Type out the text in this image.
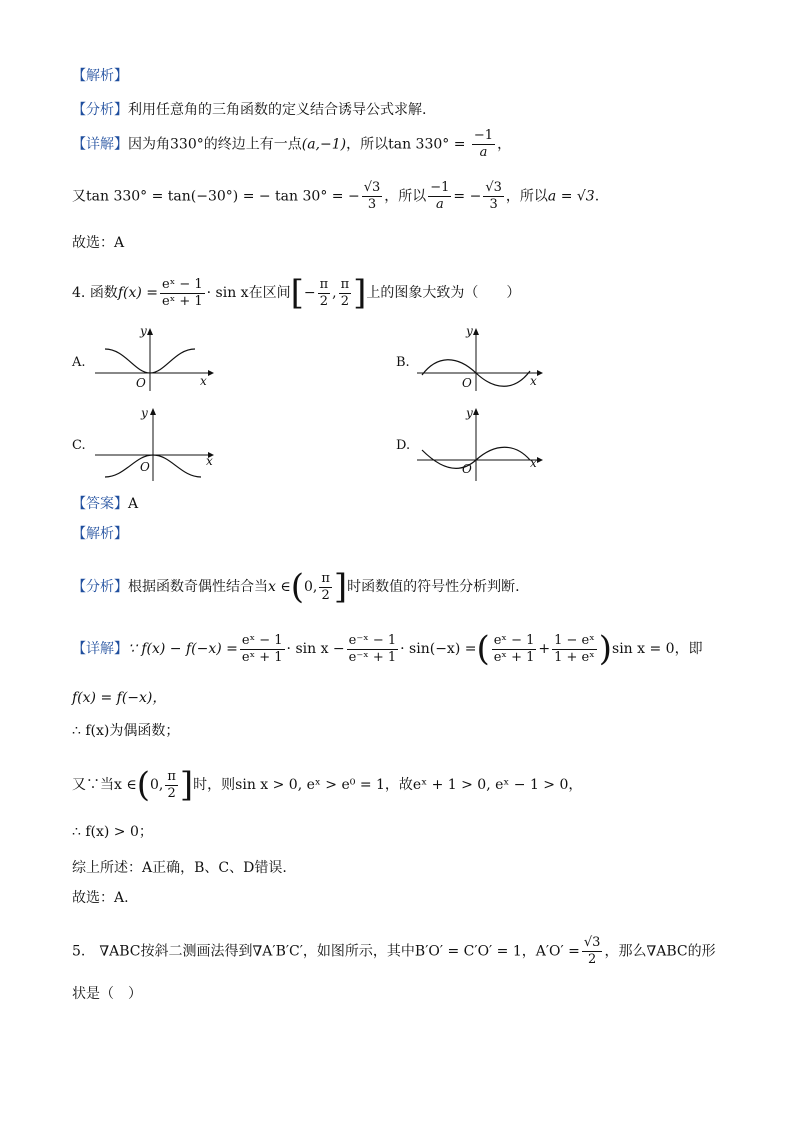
【解析】
【分析】利用任意角的三角函数的定义结合诱导公式求解.
【详解】因为角330°的终边上有一点(a,−1)，所以$\tan 330^\circ = \frac{-1}{a}$ ，
又tan 330° = tan(−30°) = − tan 30° = − $\frac{√3}{3}$ ，所以 $\frac{-1}{a}$ = − $\frac{√3}{3}$ ，所以a = √3.
故选：A
4. 函数$f(x) = \frac{\text{eˣ − 1}}{\text{eˣ + 1}} \cdot \sin x$在区间[− $\frac{\pi}{2}$ , $\frac{\pi}{2}$ ]上的图象大致为（　　）
A.
x
y
O
B.
x
y
O
C.
x
y
O
D.
x
y
O
【答案】A
【解析】
【分析】根据函数奇偶性结合当x ∈(0, $\frac{\pi}{2}$ ]时函数值的符号性分析判断.
【详解】∵ $f(x) - f(-x) = \frac{\text{eˣ − 1}}{\text{eˣ + 1}} \cdot \sin x - \frac{\text{e⁻ˣ − 1}}{\text{e⁻ˣ + 1}} \cdot \sin(-x)$ =( $\frac{\text{eˣ − 1}}{\text{eˣ + 1}} + \frac{\text{1 − eˣ}}{\text{1 + eˣ}} )\sin$ x = 0，即
f(x) = f(−x)，
∴ f(x)为偶函数；
又∵当x ∈(0, $\frac{\pi}{2}$ ]时，则sin x > 0, eˣ > e⁰ = 1，故eˣ + 1 > 0, eˣ − 1 > 0，
∴ f(x) > 0；
综上所述：A正确，B、C、D错误.
故选：A.
5.　∇ABC按斜二测画法得到∇A′B′C′，如图所示，其中B′O′ = C′O′ = 1，$A'O' = \frac{√3}{2}$ ，那么∇ABC的形
状是（　）
